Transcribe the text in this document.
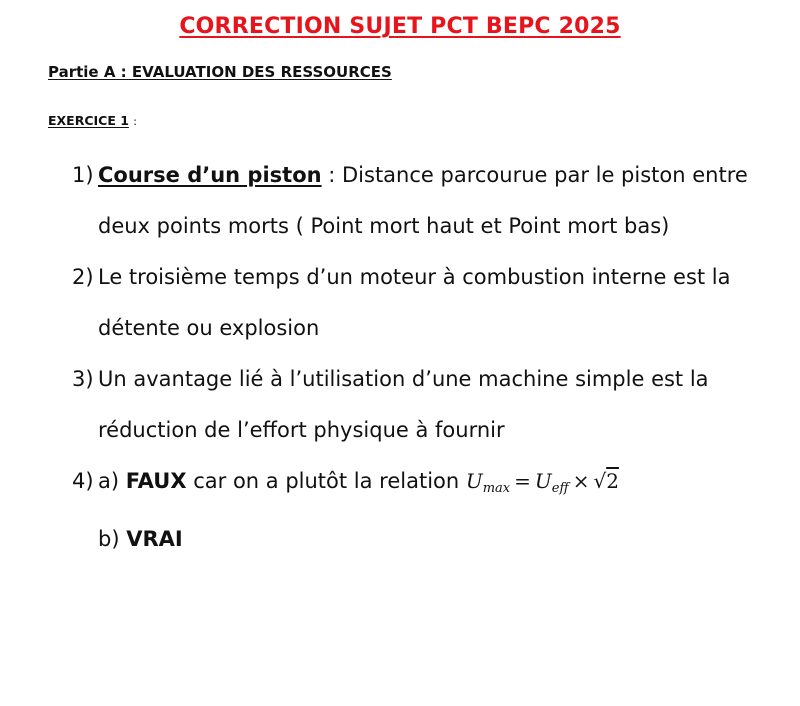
CORRECTION SUJET PCT BEPC 2025
Partie A : EVALUATION DES RESSOURCES
EXERCICE 1 :
1) Course d’un piston : Distance parcourue par le piston entre deux points morts ( Point mort haut et Point mort bas)
2) Le troisième temps d’un moteur à combustion interne est la détente ou explosion
3) Un avantage lié à l’utilisation d’une machine simple est la réduction de l’effort physique à fournir
4) a) FAUX car on a plutôt la relation $U_{max} = U_{eff} \times √2$
b) VRAI
